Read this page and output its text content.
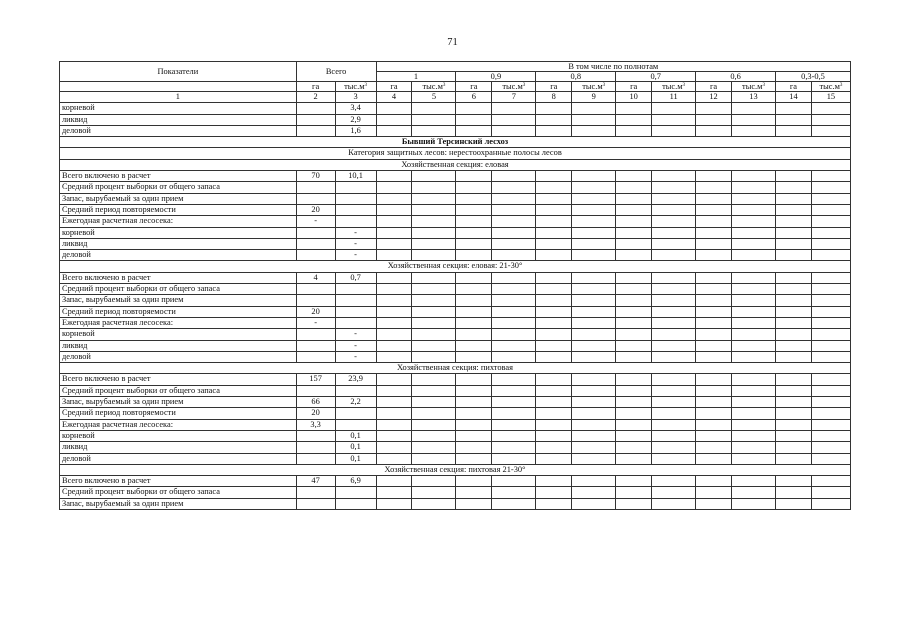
71
Показатели	Всего		В том числе по полнотам											
			1		0,9		0,8		0,7		0,6		0,3-0,5	
	га	$тыс.м^3$	га	$тыс.м^3$	га	$тыс.м^3$	га	$тыс.м^3$	га	$тыс.м^3$	га	$тыс.м^3$	га	$тыс.м^3$
1	2	3	4	5	6	7	8	9	10	11	12	13	14	15
корневой		3,4												
ликвид		2,9												
деловой		1,6												
Бывший Терсинский лесхоз														
Категория защитных лесов: нерестоохранные полосы лесов														
Хозяйственная секция: еловая														
Всего включено в расчет	70	10,1												
Средний процент выборки от общего запаса														
Запас, вырубаемый за один прием														
Средний период повторяемости	20													
Ежегодная расчетная лесосека:	-													
корневой		-												
ликвид		-												
деловой		-												
Хозяйственная секция: еловая: 21-30°														
Всего включено в расчет	4	0,7												
Средний процент выборки от общего запаса														
Запас, вырубаемый за один прием														
Средний период повторяемости	20													
Ежегодная расчетная лесосека:	-													
корневой		-												
ликвид		-												
деловой		-												
Хозяйственная секция: пихтовая														
Всего включено в расчет	157	23,9												
Средний процент выборки от общего запаса														
Запас, вырубаемый за один прием	66	2,2												
Средний период повторяемости	20													
Ежегодная расчетная лесосека:	3,3													
корневой		0,1												
ликвид		0,1												
деловой		0,1												
Хозяйственная секция: пихтовая 21-30°														
Всего включено в расчет	47	6,9												
Средний процент выборки от общего запаса														
Запас, вырубаемый за один прием														
